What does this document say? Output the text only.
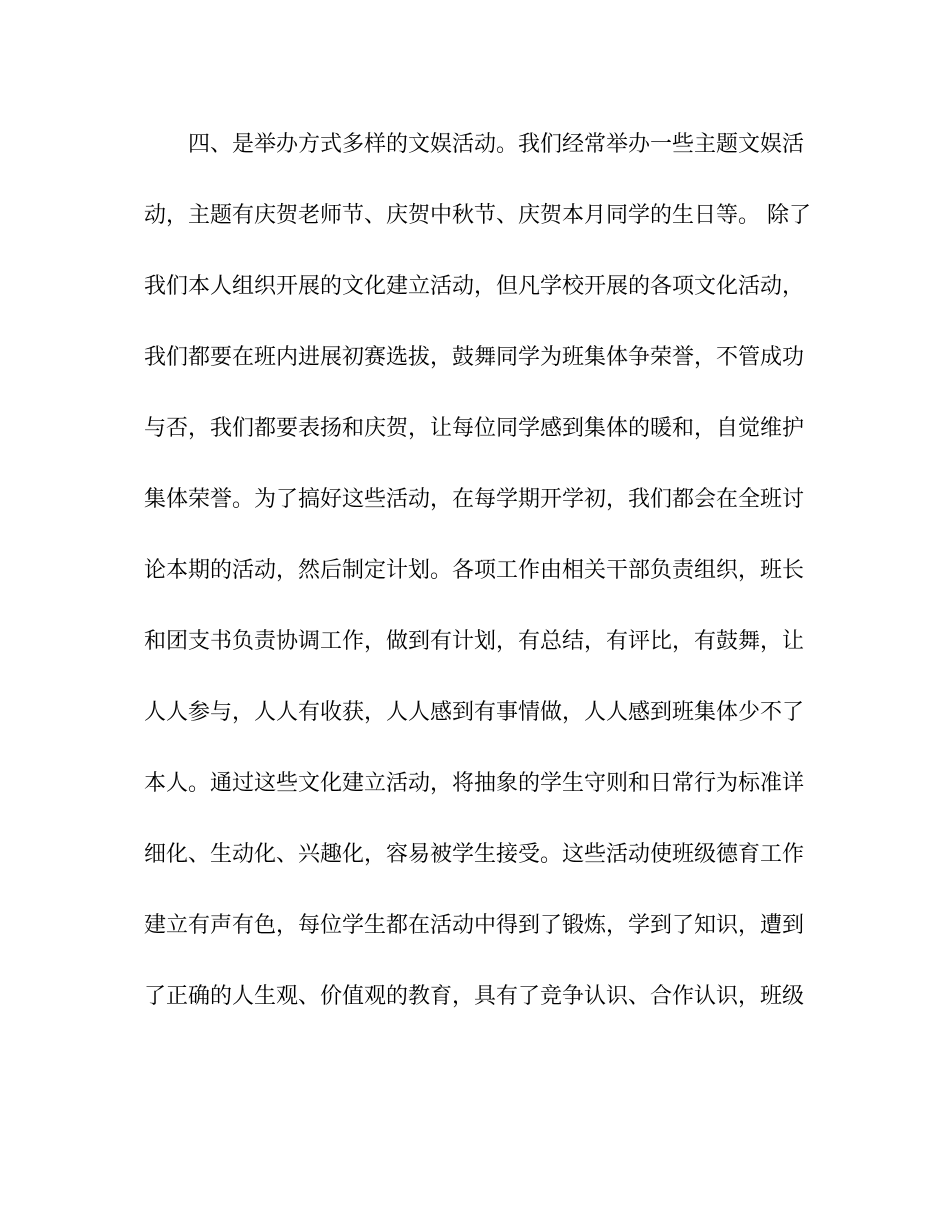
四、是举办方式多样的文娱活动。我们经常举办一些主题文娱活
动，主题有庆贺老师节、庆贺中秋节、庆贺本月同学的生日等。 除了
我们本人组织开展的文化建立活动，但凡学校开展的各项文化活动，
我们都要在班内进展初赛选拔，鼓舞同学为班集体争荣誉，不管成功
与否，我们都要表扬和庆贺，让每位同学感到集体的暖和，自觉维护
集体荣誉。为了搞好这些活动，在每学期开学初，我们都会在全班讨
论本期的活动，然后制定计划。各项工作由相关干部负责组织，班长
和团支书负责协调工作，做到有计划，有总结，有评比，有鼓舞，让
人人参与，人人有收获，人人感到有事情做，人人感到班集体少不了
本人。通过这些文化建立活动，将抽象的学生守则和日常行为标准详
细化、生动化、兴趣化，容易被学生接受。这些活动使班级德育工作
建立有声有色，每位学生都在活动中得到了锻炼，学到了知识，遭到
了正确的人生观、价值观的教育，具有了竞争认识、合作认识，班级
